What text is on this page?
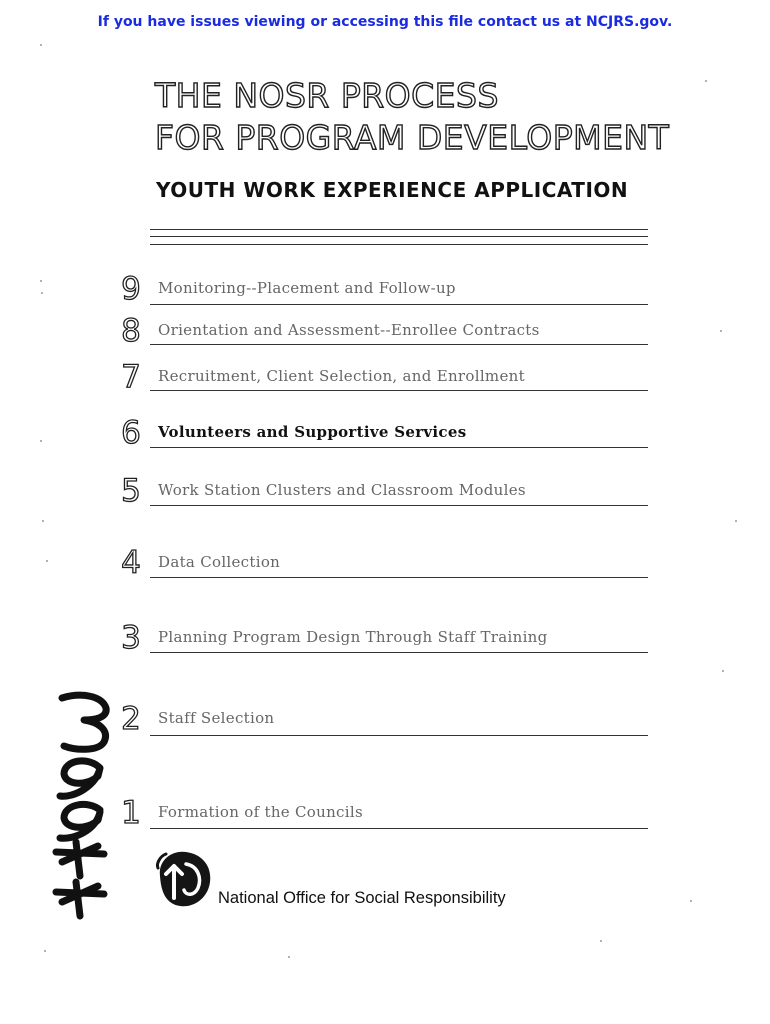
If you have issues viewing or accessing this file contact us at NCJRS.gov.
THE NOSR PROCESS
FOR PROGRAM DEVELOPMENT
YOUTH WORK EXPERIENCE APPLICATION
9	Monitoring--Placement and Follow-up
8	Orientation and Assessment--Enrollee Contracts
7	Recruitment, Client Selection, and Enrollment
6	Volunteers and Supportive Services
5	Work Station Clusters and Classroom Modules
4	Data Collection
3	Planning Program Design Through Staff Training
2	Staff Selection
1	Formation of the Councils
National Office for Social Responsibility
